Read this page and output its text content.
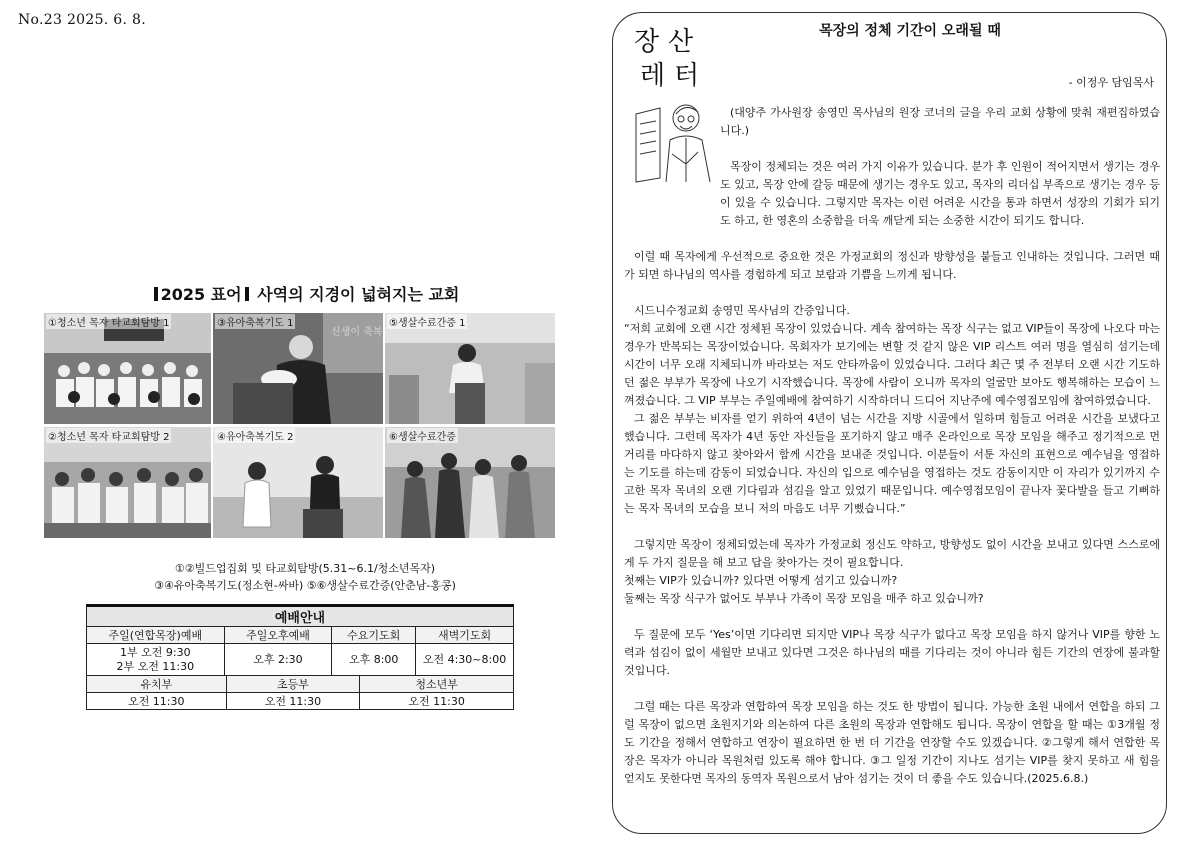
No.23 2025. 6. 8.
2025 표어 사역의 지경이 넓혀지는 교회
①청소년 목자 타교회탐방 1
신생이 축복
③유아축복기도 1	⑤생살수료간증 1
②청소년 목자 타교회탐방 2	④유아축복기도 2	⑥생살수료간증
①②빌드업집회 및 타교회탐방(5.31~6.1/청소년목자)
③④유아축복기도(정소현-싸바) ⑤⑥생살수료간증(안춘남-홍콩)
예배안내					
주일(연합목장)예배	주일오후예배		수요기도회		새벽기도회

1부 오전 9:30
2부 오전 11:30	오후 2:30		오후 8:00		오전 4:30~8:00
유치부		초등부		청소년부	
오전 11:30		오전 11:30		오전 11:30	
장 산
레 터
목장의 정체 기간이 오래될 때
- 이정우 담임목사

(대양주 가사원장 송영민 목사님의 원장 코너의 글을 우리 교회 상황에 맞춰 재편집하였습니다.)

목장이 정체되는 것은 여러 가지 이유가 있습니다. 분가 후 인원이 적어지면서 생기는 경우도 있고, 목장 안에 갈등 때문에 생기는 경우도 있고, 목자의 리더십 부족으로 생기는 경우 등이 있을 수 있습니다. 그렇지만 목자는 이런 어려운 시간을 통과 하면서 성장의 기회가 되기도 하고, 한 영혼의 소중함을 더욱 깨닫게 되는 소중한 시간이 되기도 합니다.

이럴 때 목자에게 우선적으로 중요한 것은 가정교회의 정신과 방향성을 붙들고 인내하는 것입니다. 그러면 때가 되면 하나님의 역사를 경험하게 되고 보람과 기쁨을 느끼게 됩니다.

시드니수정교회 송영민 목사님의 간증입니다.

“저희 교회에 오랜 시간 정체된 목장이 있었습니다. 계속 참여하는 목장 식구는 없고 VIP들이 목장에 나오다 마는 경우가 반복되는 목장이었습니다. 목회자가 보기에는 변할 것 같지 않은 VIP 리스트 여러 명을 열심히 섬기는데 시간이 너무 오래 지체되니까 바라보는 저도 안타까움이 있었습니다. 그러다 최근 몇 주 전부터 오랜 시간 기도하던 젊은 부부가 목장에 나오기 시작했습니다. 목장에 사람이 오니까 목자의 얼굴만 보아도 행복해하는 모습이 느껴졌습니다. 그 VIP 부부는 주일예배에 참여하기 시작하더니 드디어 지난주에 예수영접모임에 참여하였습니다.

그 젊은 부부는 비자를 얻기 위하여 4년이 넘는 시간을 지방 시골에서 일하며 힘들고 어려운 시간을 보냈다고 했습니다. 그런데 목자가 4년 동안 자신들을 포기하지 않고 매주 온라인으로 목장 모임을 해주고 정기적으로 먼 거리를 마다하지 않고 찾아와서 함께 시간을 보내준 것입니다. 이분들이 서툰 자신의 표현으로 예수님을 영접하는 기도를 하는데 감동이 되었습니다. 자신의 입으로 예수님을 영접하는 것도 감동이지만 이 자리가 있기까지 수고한 목자 목녀의 오랜 기다림과 섬김을 알고 있었기 때문입니다. 예수영접모임이 끝나자 꽃다발을 들고 기뻐하는 목자 목녀의 모습을 보니 저의 마음도 너무 기뻤습니다.”

그렇지만 목장이 정체되었는데 목자가 가정교회 정신도 약하고, 방향성도 없이 시간을 보내고 있다면 스스로에게 두 가지 질문을 해 보고 답을 찾아가는 것이 필요합니다.

첫째는 VIP가 있습니까? 있다면 어떻게 섬기고 있습니까?

둘째는 목장 식구가 없어도 부부나 가족이 목장 모임을 매주 하고 있습니까?

두 질문에 모두 ‘Yes’이면 기다리면 되지만 VIP나 목장 식구가 없다고 목장 모임을 하지 않거나 VIP를 향한 노력과 섬김이 없이 세월만 보내고 있다면 그것은 하나님의 때를 기다리는 것이 아니라 힘든 기간의 연장에 불과할 것입니다.

그럴 때는 다른 목장과 연합하여 목장 모임을 하는 것도 한 방법이 됩니다. 가능한 초원 내에서 연합을 하되 그럴 목장이 없으면 초원지기와 의논하여 다른 초원의 목장과 연합해도 됩니다. 목장이 연합을 할 때는 ①3개월 정도 기간을 정해서 연합하고 연장이 필요하면 한 번 더 기간을 연장할 수도 있겠습니다. ②그렇게 해서 연합한 목장은 목자가 아니라 목원처럼 있도록 해야 합니다. ③그 일정 기간이 지나도 섬기는 VIP를 찾지 못하고 새 힘을 얻지도 못한다면 목자의 동역자 목원으로서 남아 섬기는 것이 더 좋을 수도 있습니다.(2025.6.8.)
